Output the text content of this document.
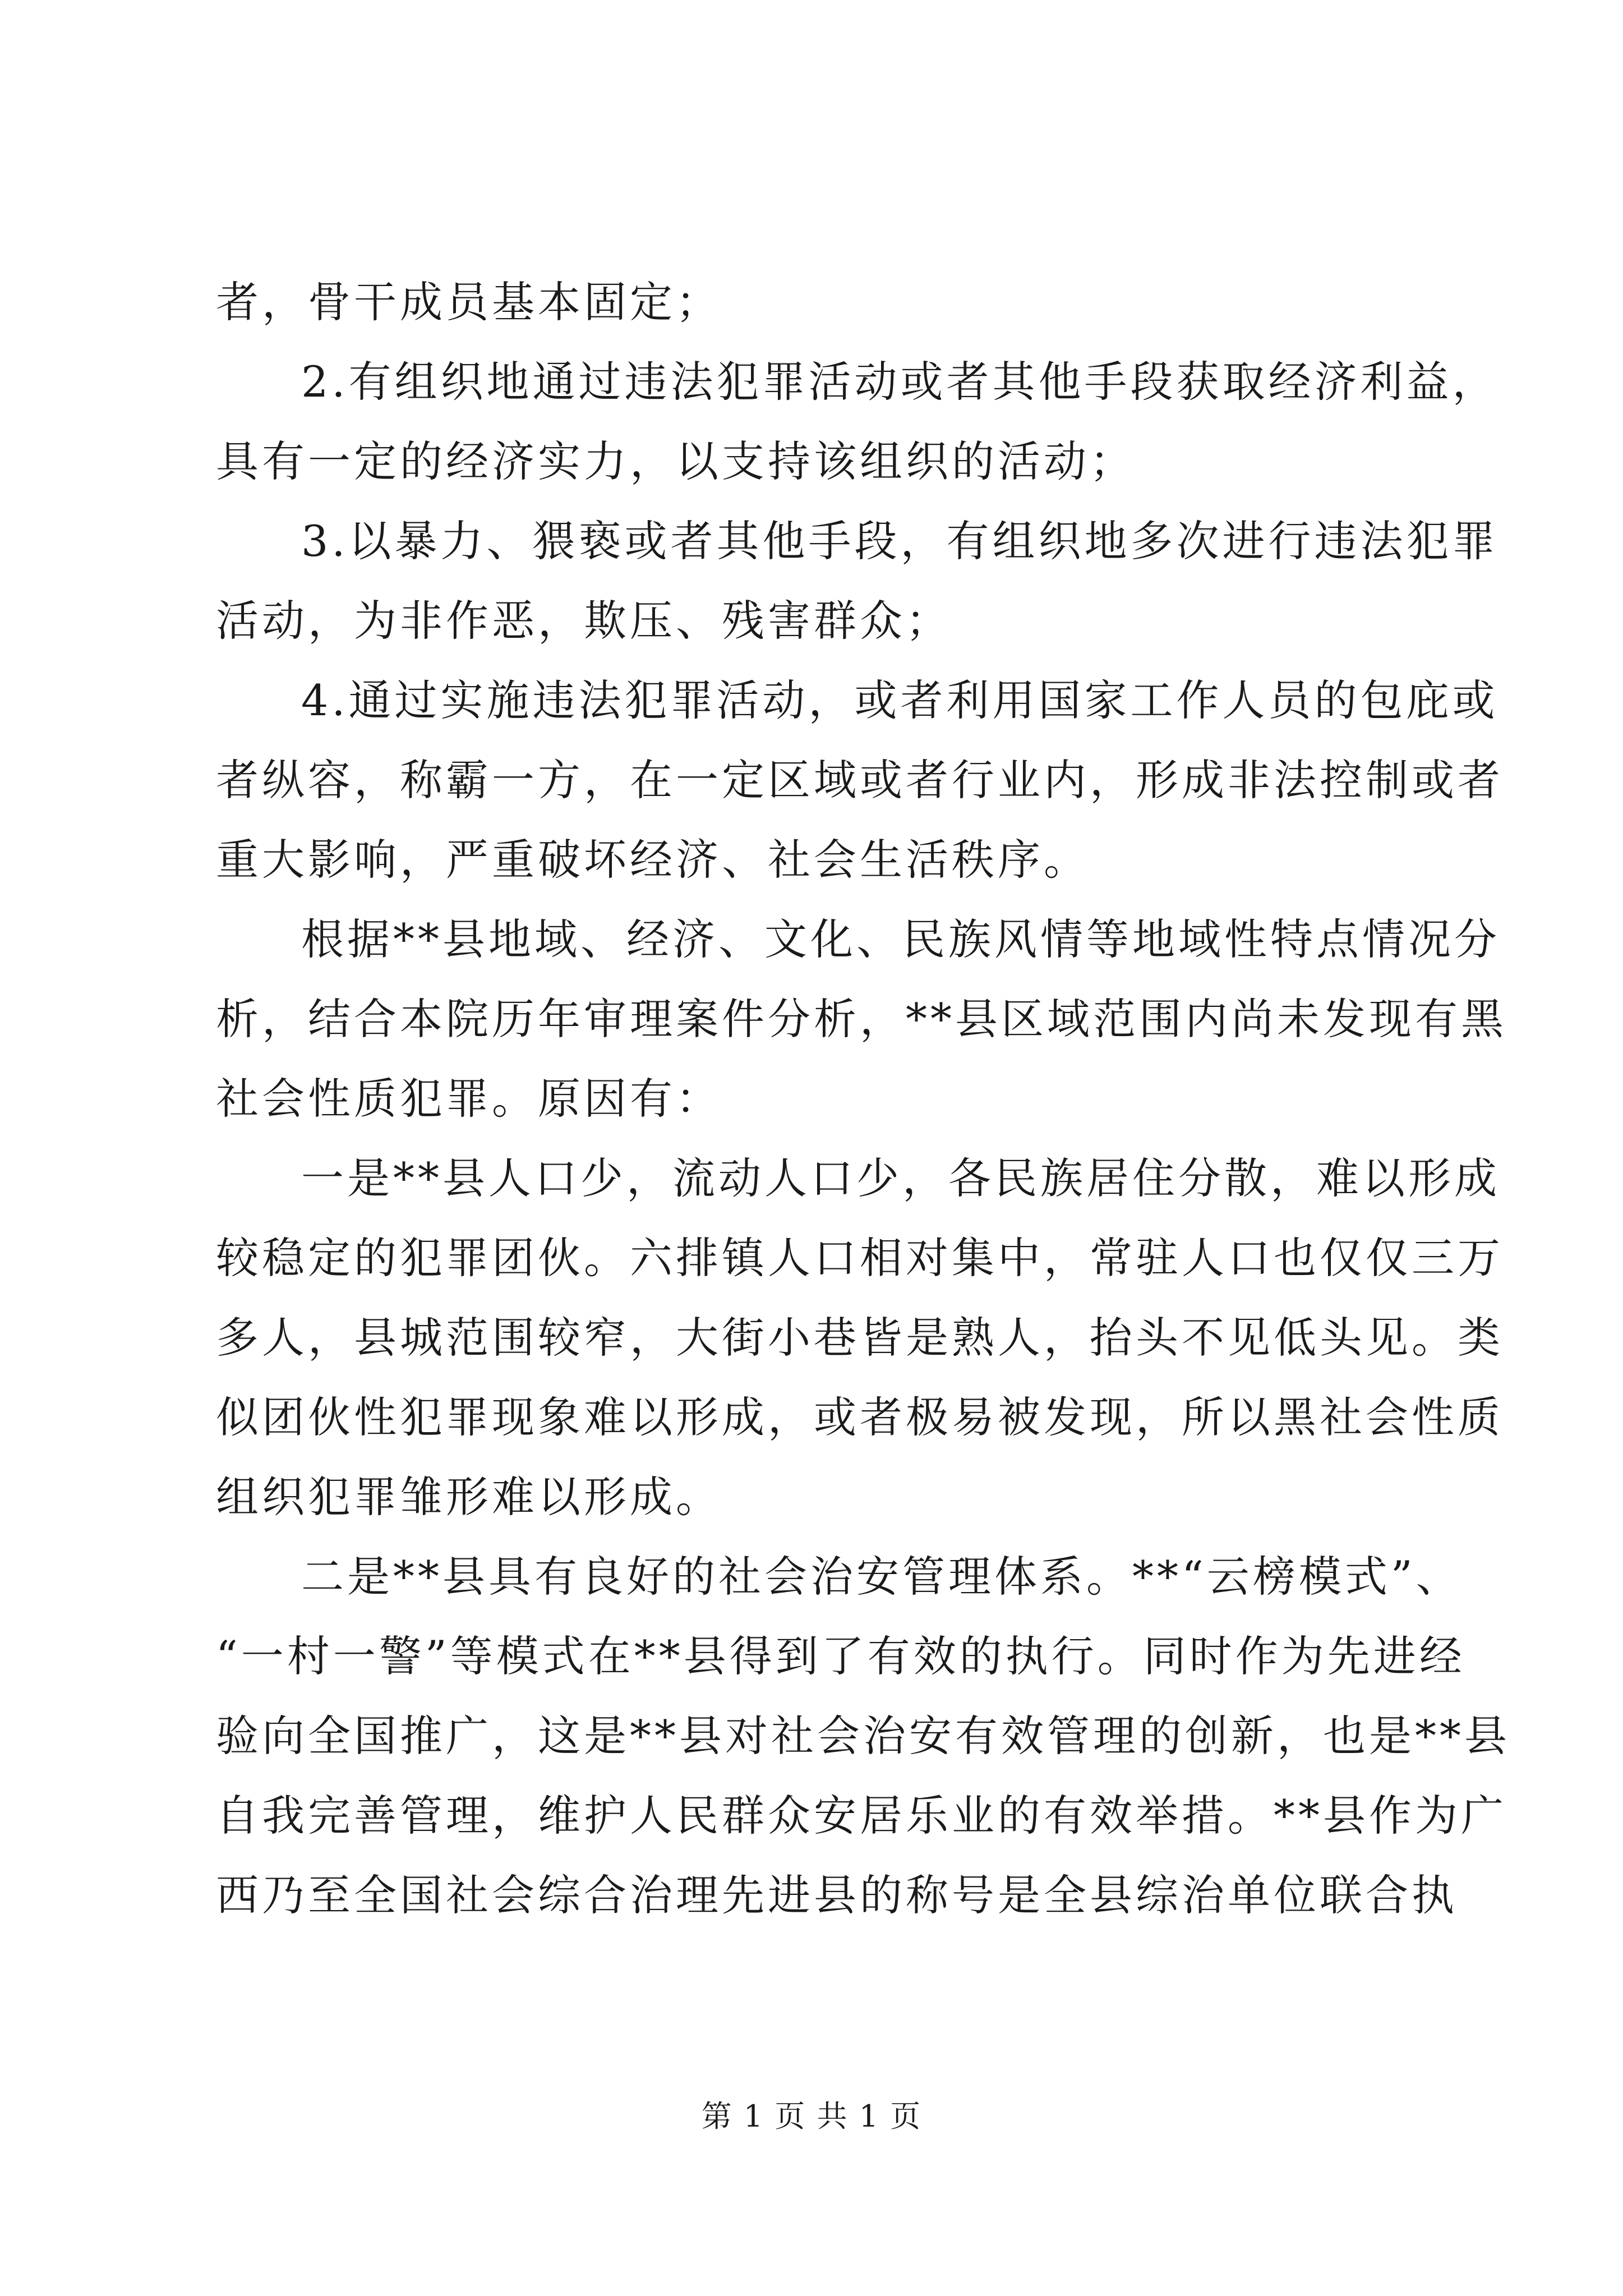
者，骨干成员基本固定；
2.有组织地通过违法犯罪活动或者其他手段获取经济利益，
具有一定的经济实力，以支持该组织的活动；
3.以暴力、猥亵或者其他手段，有组织地多次进行违法犯罪
活动，为非作恶，欺压、残害群众；
4.通过实施违法犯罪活动，或者利用国家工作人员的包庇或
者纵容，称霸一方，在一定区域或者行业内，形成非法控制或者
重大影响，严重破坏经济、社会生活秩序。
根据**县地域、经济、文化、民族风情等地域性特点情况分
析，结合本院历年审理案件分析，**县区域范围内尚未发现有黑
社会性质犯罪。原因有：
一是**县人口少，流动人口少，各民族居住分散，难以形成
较稳定的犯罪团伙。六排镇人口相对集中，常驻人口也仅仅三万
多人，县城范围较窄，大街小巷皆是熟人，抬头不见低头见。类
似团伙性犯罪现象难以形成，或者极易被发现，所以黑社会性质
组织犯罪雏形难以形成。
二是**县具有良好的社会治安管理体系。**“云榜模式”、
“一村一警”等模式在**县得到了有效的执行。同时作为先进经
验向全国推广，这是**县对社会治安有效管理的创新，也是**县
自我完善管理，维护人民群众安居乐业的有效举措。**县作为广
西乃至全国社会综合治理先进县的称号是全县综治单位联合执
第 1 页 共 1 页
